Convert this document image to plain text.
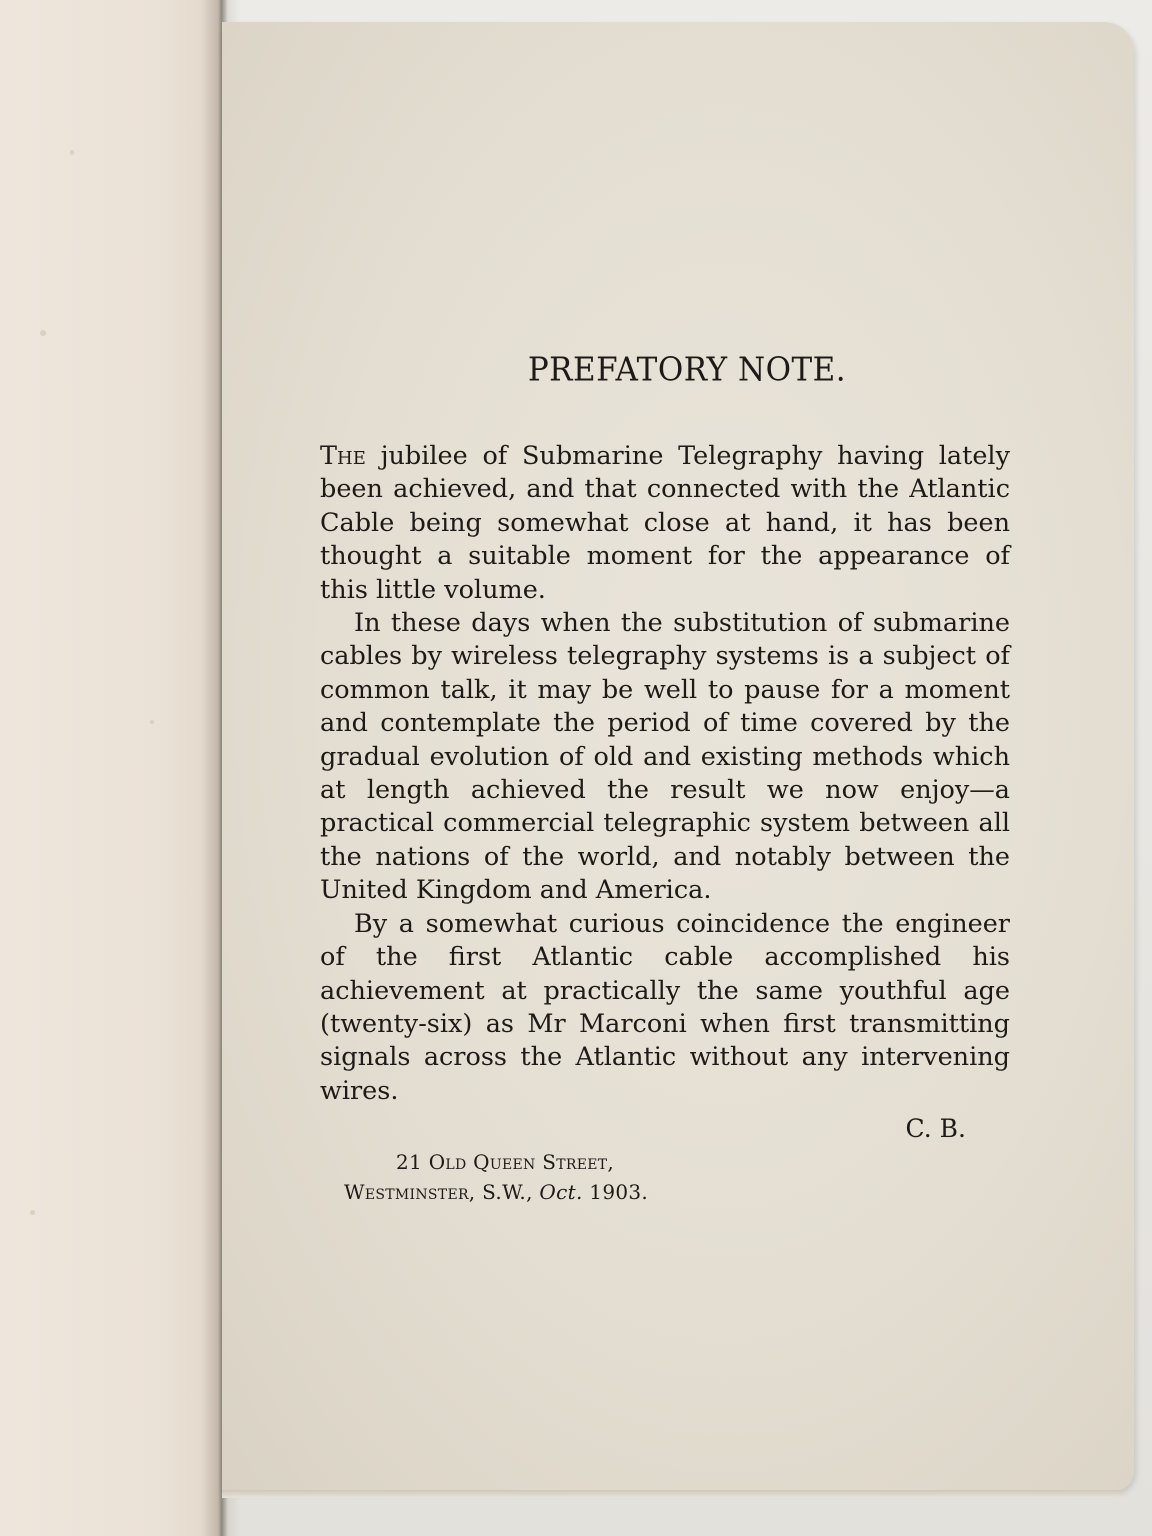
PREFATORY NOTE.

The jubilee of Submarine Telegraphy having lately been achieved, and that connected with the Atlantic Cable being somewhat close at hand, it has been thought a suitable moment for the appearance of this little volume.

In these days when the substitution of submarine cables by wireless telegraphy systems is a subject of common talk, it may be well to pause for a moment and contemplate the period of time covered by the gradual evolution of old and existing methods which at length achieved the result we now enjoy—a practical commercial telegraphic system between all the nations of the world, and notably between the United Kingdom and America.

By a somewhat curious coincidence the engineer of the first Atlantic cable accomplished his achievement at practically the same youthful age (twenty-six) as Mr Marconi when first transmitting signals across the Atlantic without any intervening wires.

C. B.
21 Old Queen Street,
Westminster, S.W., Oct. 1903.
